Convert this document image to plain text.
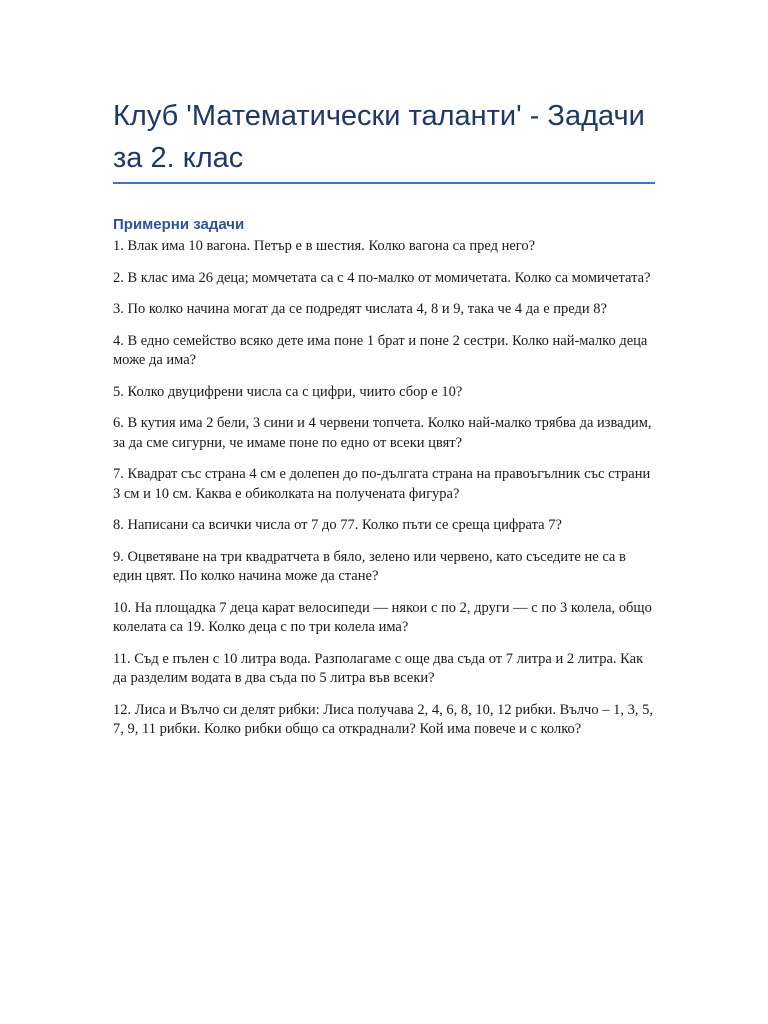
Клуб 'Математически таланти' - Задачи за 2. клас
Примерни задачи
1. Влак има 10 вагона. Петър е в шестия. Колко вагона са пред него?
2. В клас има 26 деца; момчетата са с 4 по-малко от момичетата. Колко са момичетата?
3. По колко начина могат да се подредят числата 4, 8 и 9, така че 4 да е преди 8?
4. В едно семейство всяко дете има поне 1 брат и поне 2 сестри. Колко най-малко деца може да има?
5. Колко двуцифрени числа са с цифри, чиито сбор е 10?
6. В кутия има 2 бели, 3 сини и 4 червени топчета. Колко най-малко трябва да извадим, за да сме сигурни, че имаме поне по едно от всеки цвят?
7. Квадрат със страна 4 см е долепен до по-дългата страна на правоъгълник със страни 3 см и 10 см. Каква е обиколката на получената фигура?
8. Написани са всички числа от 7 до 77. Колко пъти се среща цифрата 7?
9. Оцветяване на три квадратчета в бяло, зелено или червено, като съседите не са в един цвят. По колко начина може да стане?
10. На площадка 7 деца карат велосипеди — някои с по 2, други — с по 3 колела, общо колелата са 19. Колко деца с по три колела има?
11. Съд е пълен с 10 литра вода. Разполагаме с още два съда от 7 литра и 2 литра. Как да разделим водата в два съда по 5 литра във всеки?
12. Лиса и Вълчо си делят рибки: Лиса получава 2, 4, 6, 8, 10, 12 рибки. Вълчо – 1, 3, 5, 7, 9, 11 рибки. Колко рибки общо са откраднали? Кой има повече и с колко?
